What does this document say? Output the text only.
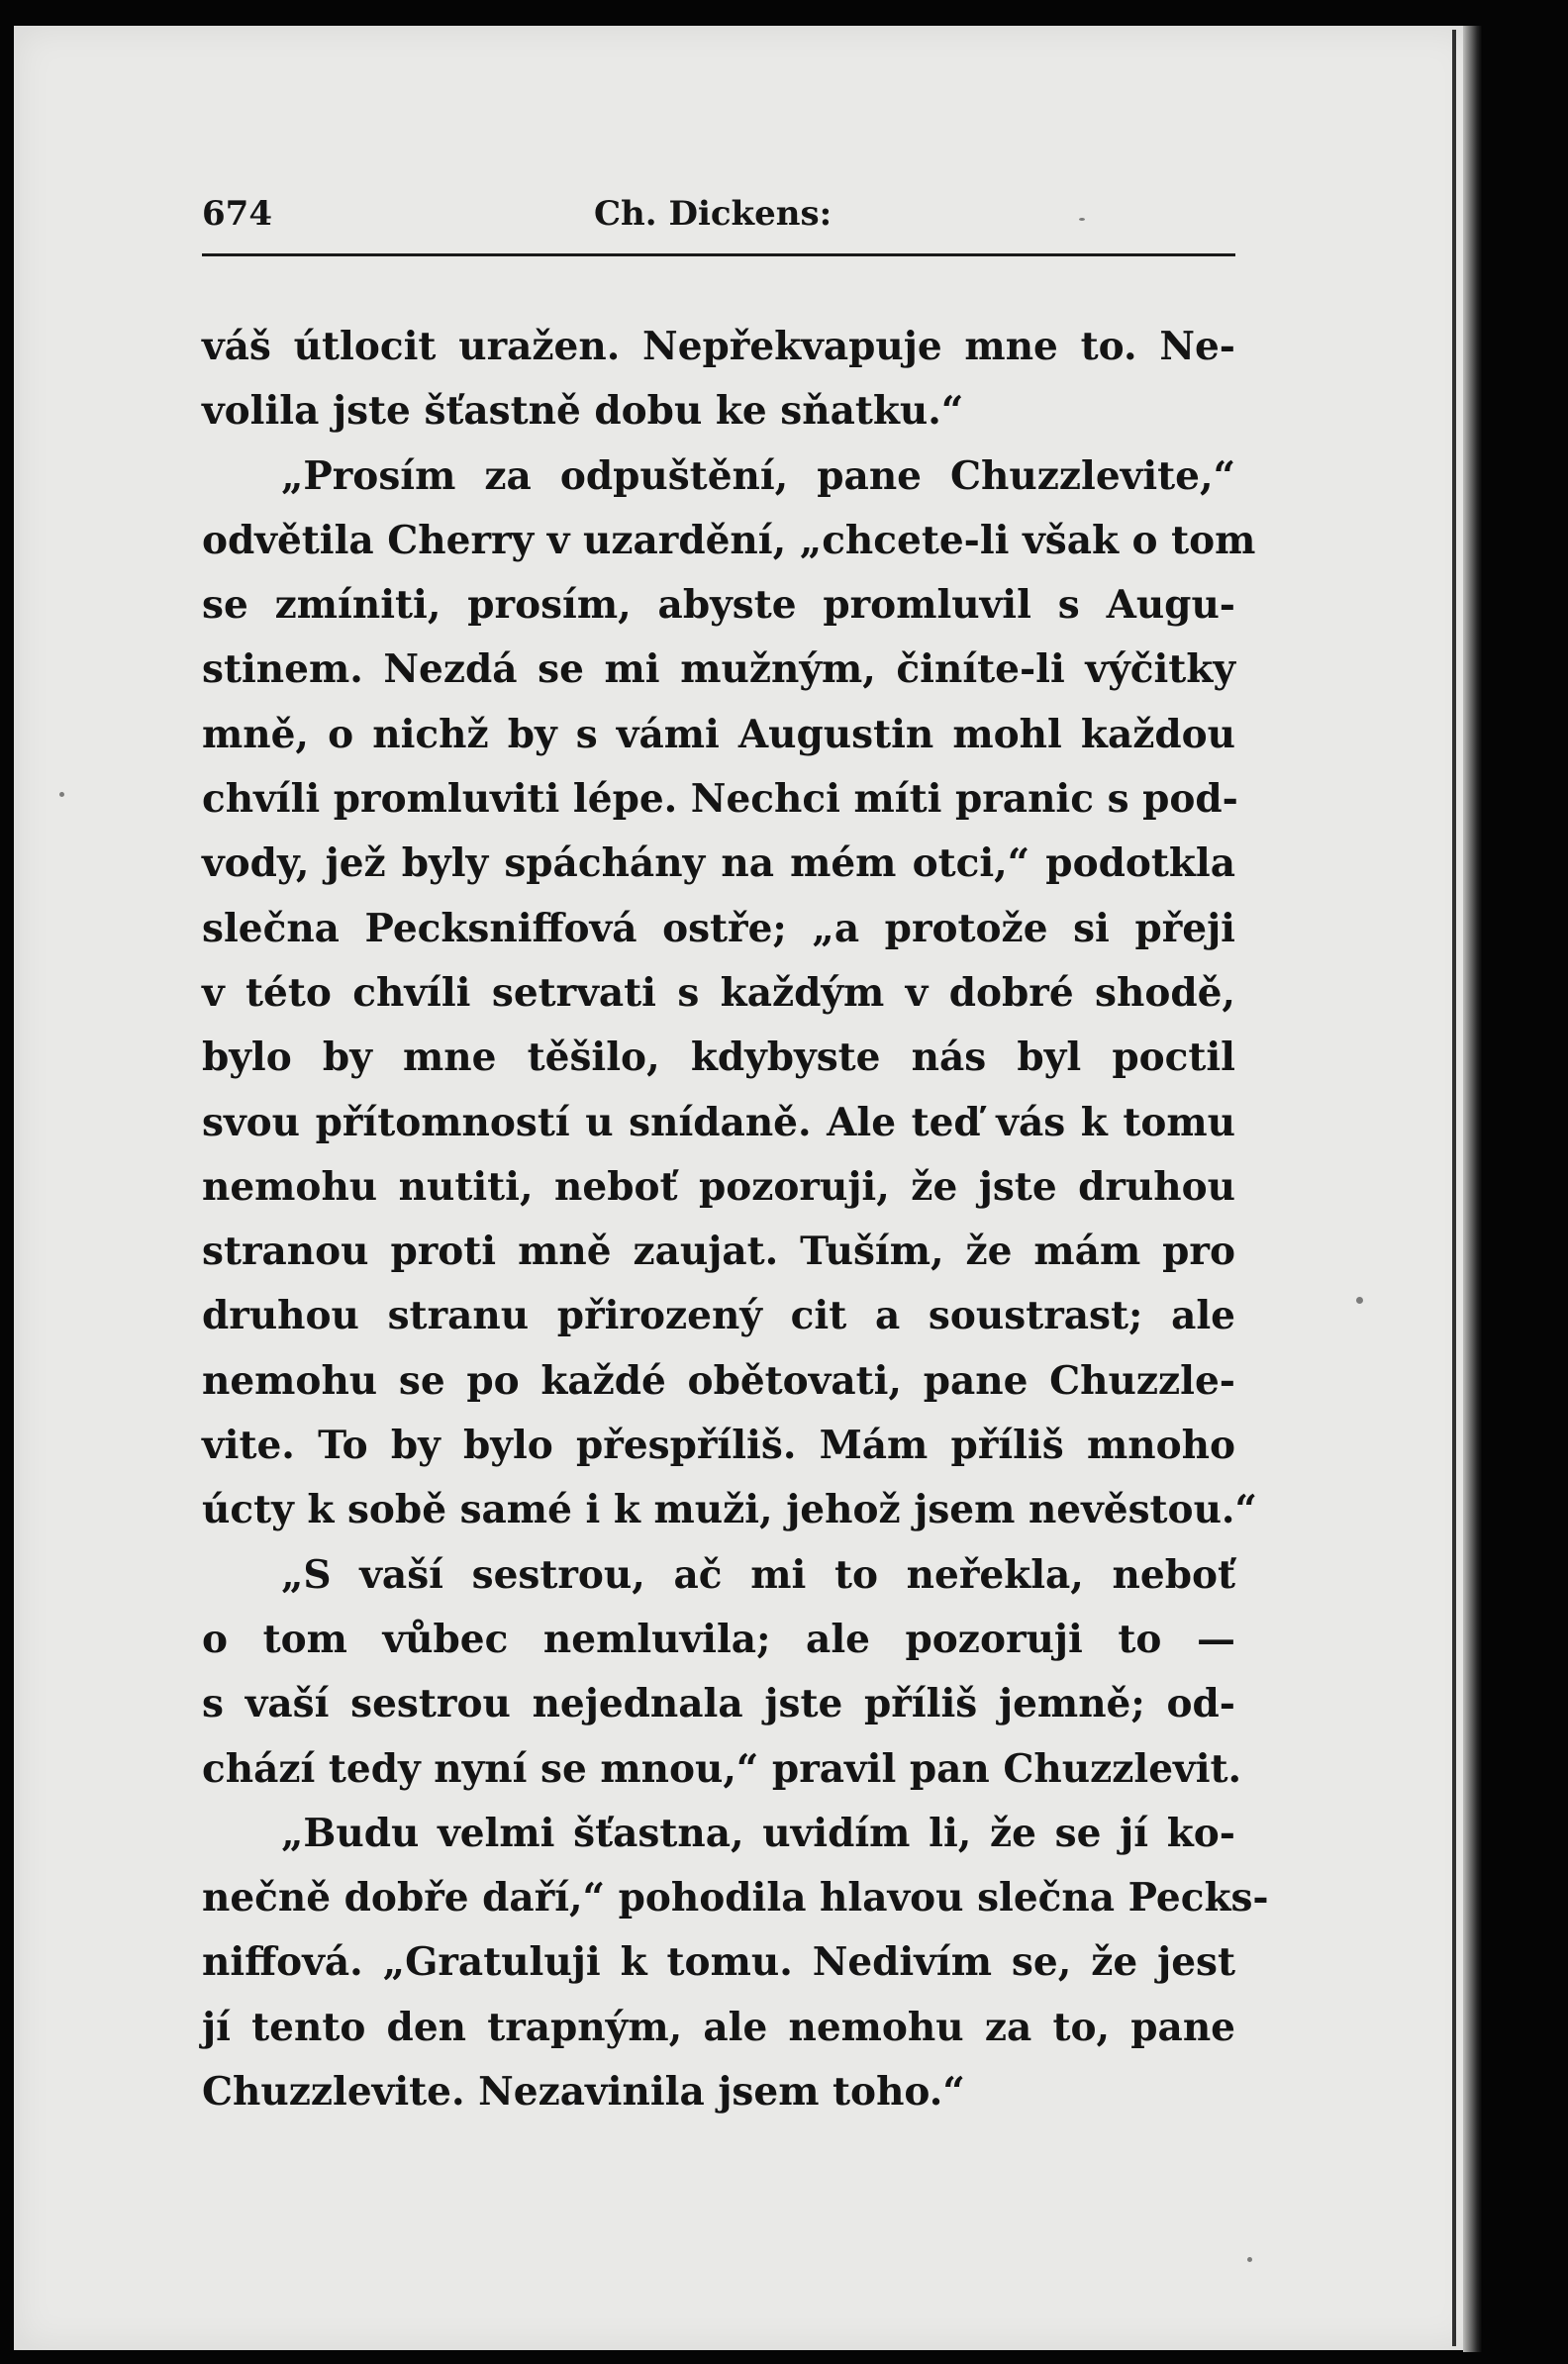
674	Ch. Dickens:
váš útlocit uražen. Nepřekvapuje mne to. Ne-
volila jste šťastně dobu ke sňatku.“
„Prosím za odpuštění, pane Chuzzlevite,“
odvětila Cherry v uzardění, „chcete-li však o tom
se zmíniti, prosím, abyste promluvil s Augu-
stinem. Nezdá se mi mužným, činíte-li výčitky
mně, o nichž by s vámi Augustin mohl každou
chvíli promluviti lépe. Nechci míti pranic s pod-
vody, jež byly spáchány na mém otci,“ podotkla
slečna Pecksniffová ostře; „a protože si přeji
v této chvíli setrvati s každým v dobré shodě,
bylo by mne těšilo, kdybyste nás byl poctil
svou přítomností u snídaně. Ale teď vás k tomu
nemohu nutiti, neboť pozoruji, že jste druhou
stranou proti mně zaujat. Tuším, že mám pro
druhou stranu přirozený cit a soustrast; ale
nemohu se po každé obětovati, pane Chuzzle-
vite. To by bylo přespříliš. Mám příliš mnoho
úcty k sobě samé i k muži, jehož jsem nevěstou.“
„S vaší sestrou, ač mi to neřekla, neboť
o tom vůbec nemluvila; ale pozoruji to —
s vaší sestrou nejednala jste příliš jemně; od-
chází tedy nyní se mnou,“ pravil pan Chuzzlevit.
„Budu velmi šťastna, uvidím li, že se jí ko-
nečně dobře daří,“ pohodila hlavou slečna Pecks-
niffová. „Gratuluji k tomu. Nedivím se, že jest
jí tento den trapným, ale nemohu za to, pane
Chuzzlevite. Nezavinila jsem toho.“
